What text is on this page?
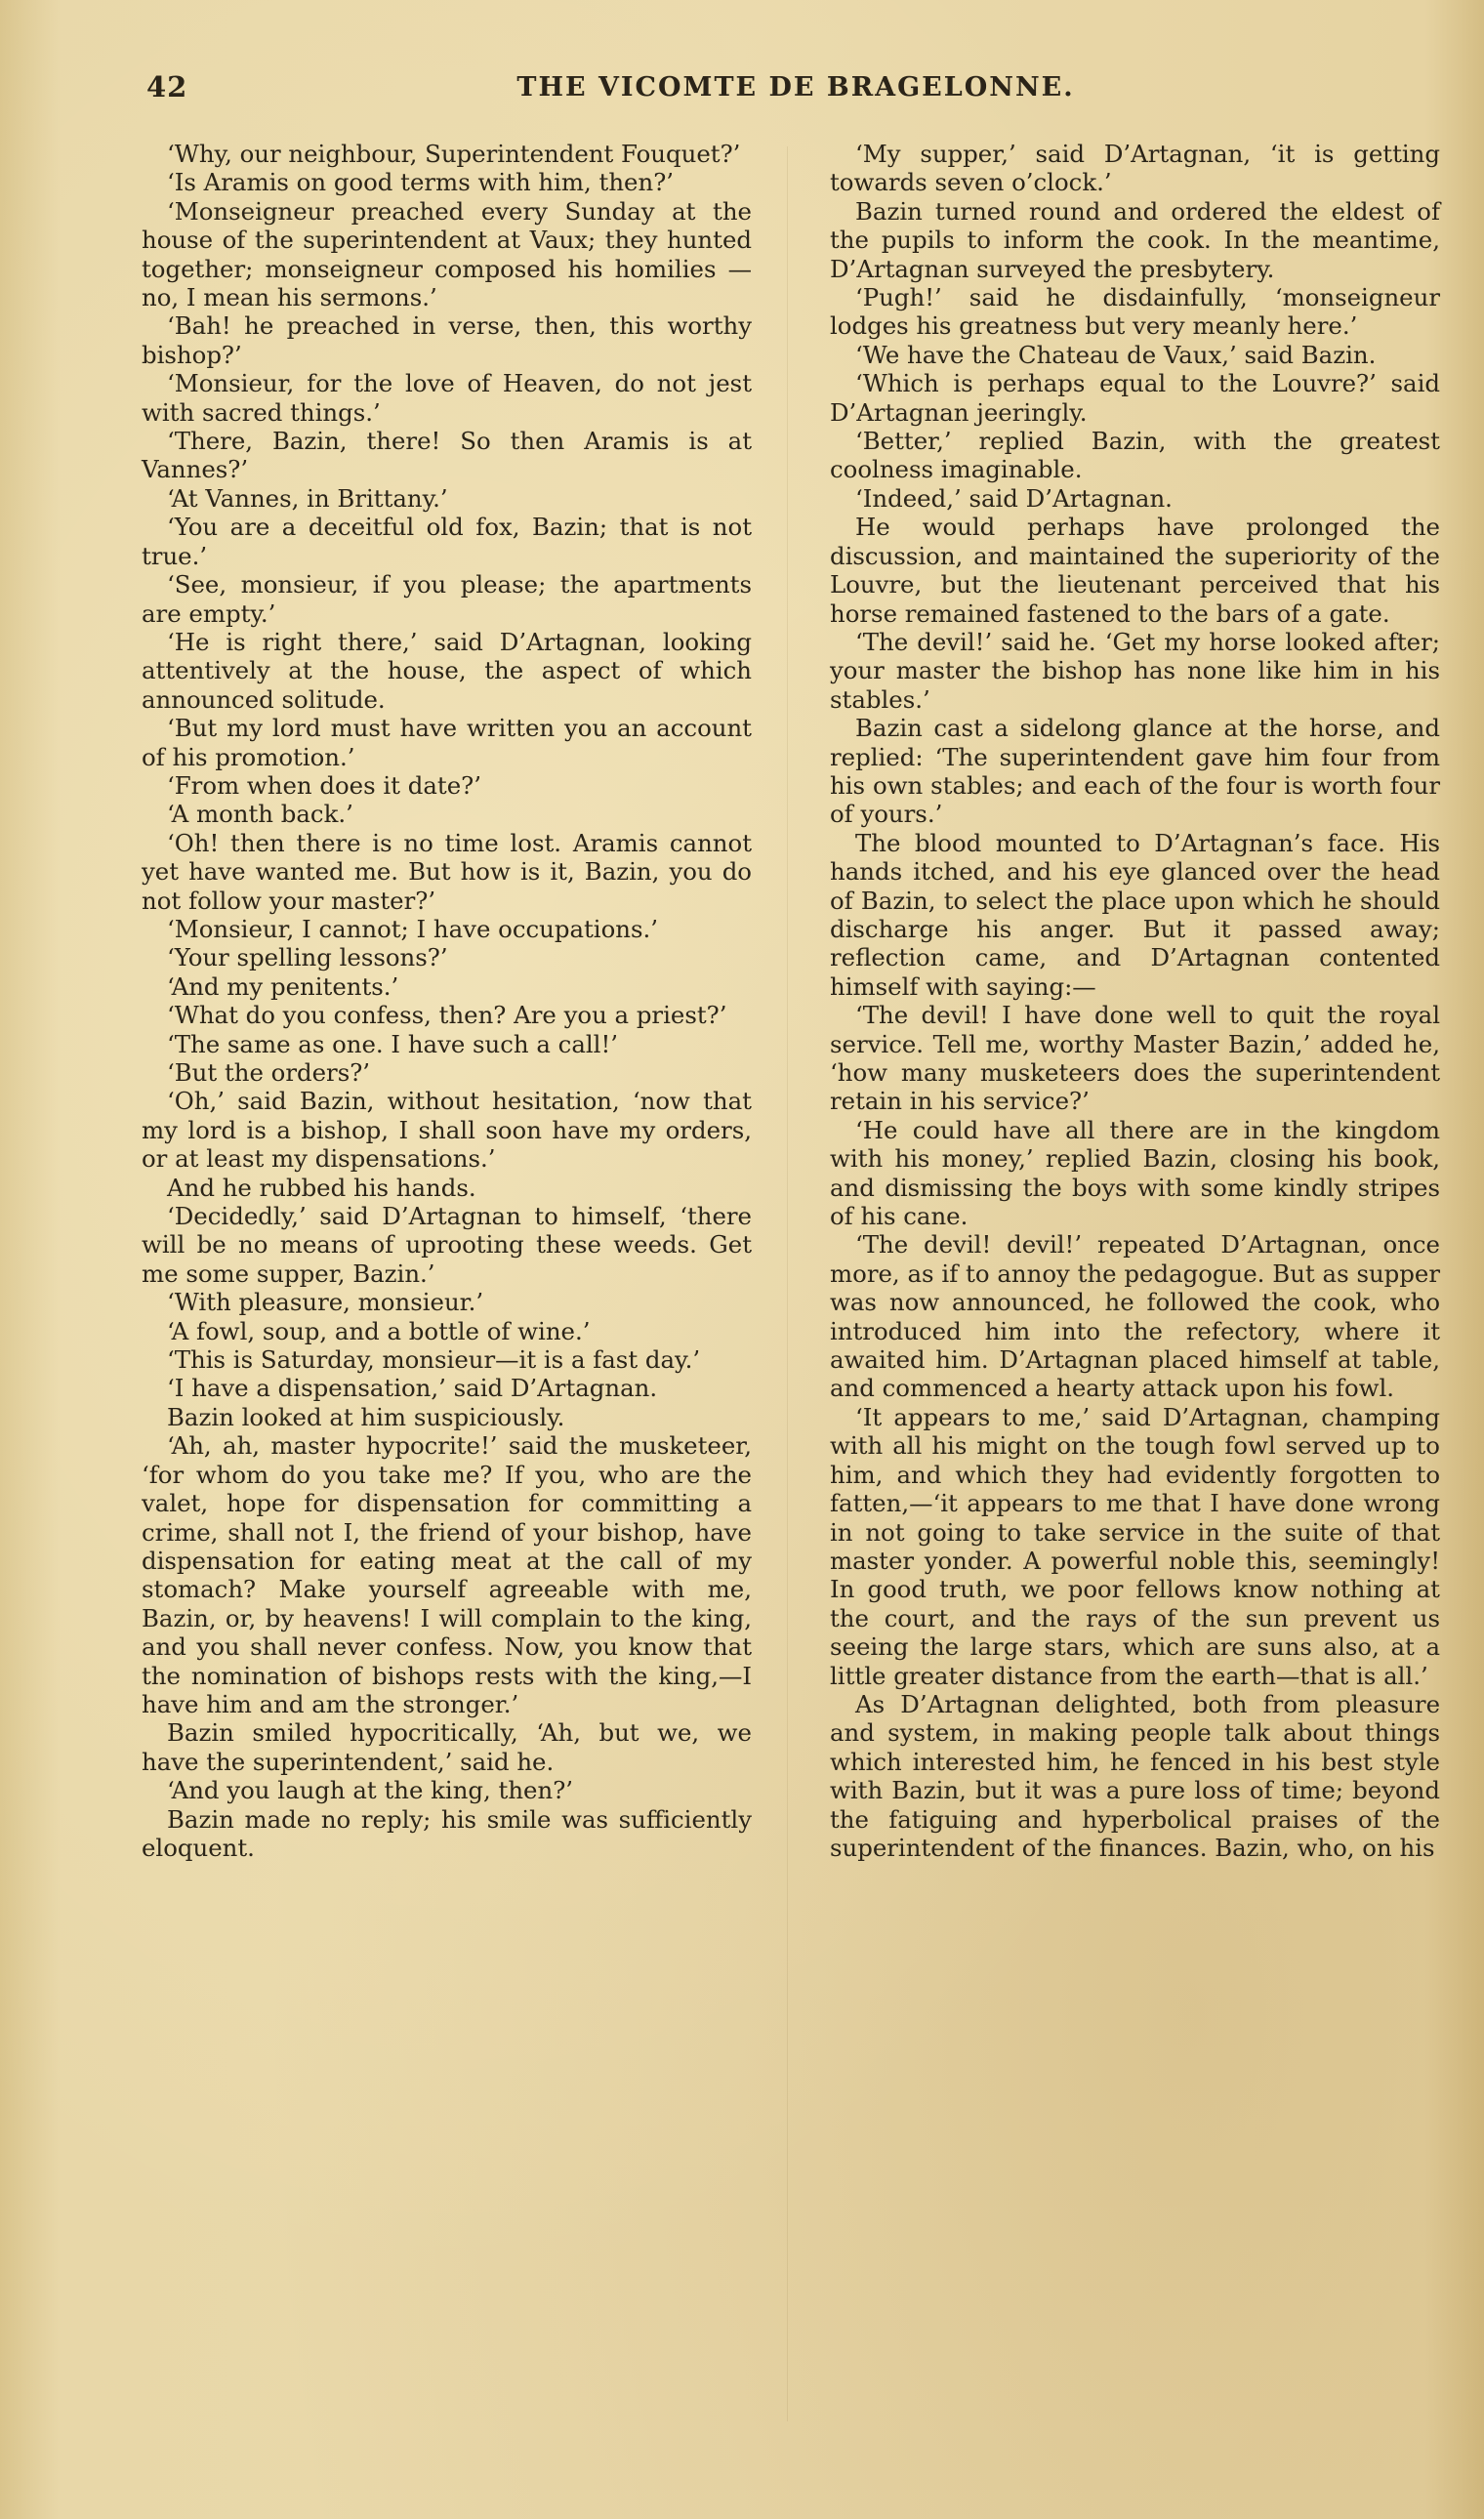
42	THE VICOMTE DE BRAGELONNE.

‘Why, our neighbour, Superintendent Fouquet?’

‘Is Aramis on good terms with him, then?’

‘Monseigneur preached every Sunday at the house of the superintendent at Vaux; they hunted together; monseigneur composed his homilies — no, I mean his sermons.’

‘Bah! he preached in verse, then, this worthy bishop?’

‘Monsieur, for the love of Heaven, do not jest with sacred things.’

‘There, Bazin, there! So then Aramis is at Vannes?’

‘At Vannes, in Brittany.’

‘You are a deceitful old fox, Bazin; that is not true.’

‘See, monsieur, if you please; the apartments are empty.’

‘He is right there,’ said D’Artagnan, looking attentively at the house, the aspect of which announced solitude.

‘But my lord must have written you an account of his promotion.’

‘From when does it date?’

‘A month back.’

‘Oh! then there is no time lost. Aramis cannot yet have wanted me. But how is it, Bazin, you do not follow your master?’

‘Monsieur, I cannot; I have occupations.’

‘Your spelling lessons?’

‘And my penitents.’

‘What do you confess, then? Are you a priest?’

‘The same as one. I have such a call!’

‘But the orders?’

‘Oh,’ said Bazin, without hesitation, ‘now that my lord is a bishop, I shall soon have my orders, or at least my dispensations.’

And he rubbed his hands.

‘Decidedly,’ said D’Artagnan to himself, ‘there will be no means of uprooting these weeds. Get me some supper, Bazin.’

‘With pleasure, monsieur.’

‘A fowl, soup, and a bottle of wine.’

‘This is Saturday, monsieur—it is a fast day.’

‘I have a dispensation,’ said D’Artagnan.

Bazin looked at him suspiciously.

‘Ah, ah, master hypocrite!’ said the musketeer, ‘for whom do you take me? If you, who are the valet, hope for dispensation for committing a crime, shall not I, the friend of your bishop, have dispensation for eating meat at the call of my stomach? Make yourself agreeable with me, Bazin, or, by heavens! I will complain to the king, and you shall never confess. Now, you know that the nomination of bishops rests with the king,—I have him and am the stronger.’

Bazin smiled hypocritically, ‘Ah, but we, we have the superintendent,’ said he.

‘And you laugh at the king, then?’

Bazin made no reply; his smile was sufficiently eloquent.

‘My supper,’ said D’Artagnan, ‘it is getting towards seven o’clock.’

Bazin turned round and ordered the eldest of the pupils to inform the cook. In the meantime, D’Artagnan surveyed the presbytery.

‘Pugh!’ said he disdainfully, ‘monseigneur lodges his greatness but very meanly here.’

‘We have the Chateau de Vaux,’ said Bazin.

‘Which is perhaps equal to the Louvre?’ said D’Artagnan jeeringly.

‘Better,’ replied Bazin, with the greatest coolness imaginable.

‘Indeed,’ said D’Artagnan.

He would perhaps have prolonged the discussion, and maintained the superiority of the Louvre, but the lieutenant perceived that his horse remained fastened to the bars of a gate.

‘The devil!’ said he. ‘Get my horse looked after; your master the bishop has none like him in his stables.’

Bazin cast a sidelong glance at the horse, and replied: ‘The superintendent gave him four from his own stables; and each of the four is worth four of yours.’

The blood mounted to D’Artagnan’s face. His hands itched, and his eye glanced over the head of Bazin, to select the place upon which he should discharge his anger. But it passed away; reflection came, and D’Artagnan contented himself with saying:—

‘The devil! I have done well to quit the royal service. Tell me, worthy Master Bazin,’ added he, ‘how many musketeers does the superintendent retain in his service?’

‘He could have all there are in the kingdom with his money,’ replied Bazin, closing his book, and dismissing the boys with some kindly stripes of his cane.

‘The devil! devil!’ repeated D’Artagnan, once more, as if to annoy the pedagogue. But as supper was now announced, he followed the cook, who introduced him into the refectory, where it awaited him. D’Artagnan placed himself at table, and commenced a hearty attack upon his fowl.

‘It appears to me,’ said D’Artagnan, champing with all his might on the tough fowl served up to him, and which they had evidently forgotten to fatten,—‘it appears to me that I have done wrong in not going to take service in the suite of that master yonder. A powerful noble this, seemingly! In good truth, we poor fellows know nothing at the court, and the rays of the sun prevent us seeing the large stars, which are suns also, at a little greater distance from the earth—that is all.’

As D’Artagnan delighted, both from pleasure and system, in making people talk about things which interested him, he fenced in his best style with Bazin, but it was a pure loss of time; beyond the fatiguing and hyperbolical praises of the superintendent of the finances. Bazin, who, on his
